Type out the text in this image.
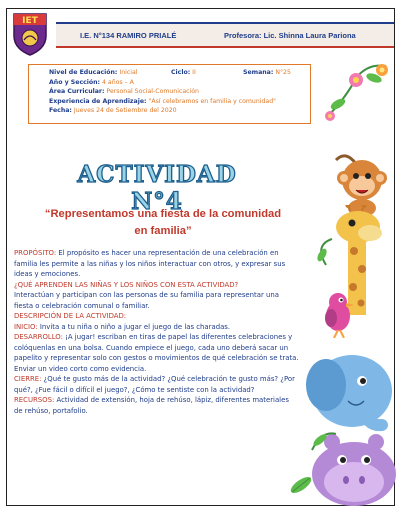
IET
I.E. N°134 RAMIRO PRIALÉ	Profesora: Lic. Shinna Laura Pariona
Nivel de Educación: Inicial	Ciclo: II	Semana: N°25
Año y Sección: 4 años – A
Área Curricular: Personal Social-Comunicación
Experiencia de Aprendizaje: "Así celebramos en familia y comunidad"
Fecha: Jueves 24 de Setiembre del 2020
ACTIVIDAD N°4
“Representamos una fiesta de la comunidad
en familia”

PROPÓSITO: El propósito es hacer una representación de una celebración en familia les permite a las niñas y los niños interactuar con otros, y expresar sus ideas y emociones.

¿QUÉ APRENDEN LAS NIÑAS Y LOS NIÑOS CON ESTA ACTIVIDAD?

Interactúan y participan con las personas de su familia para representar una fiesta o celebración comunal o familiar.

DESCRIPCIÓN DE LA ACTIVIDAD:

INICIO: Invita a tu niña o niño a jugar el juego de las charadas.

DESARROLLO: ¡A jugar! escriban en tiras de papel las diferentes celebraciones y colóquenlas en una bolsa. Cuando empiece el juego, cada uno deberá sacar un papelito y representar solo con gestos o movimientos de qué celebración se trata. Enviar un video corto como evidencia.

CIERRE: ¿Qué te gusto más de la actividad? ¿Qué celebración te gusto más? ¿Por qué?, ¿Fue fácil o difícil el juego?, ¿Cómo te sentiste con la actividad?

RECURSOS: Actividad de extensión, hoja de rehúso, lápiz, diferentes materiales de rehúso, portafolio.
